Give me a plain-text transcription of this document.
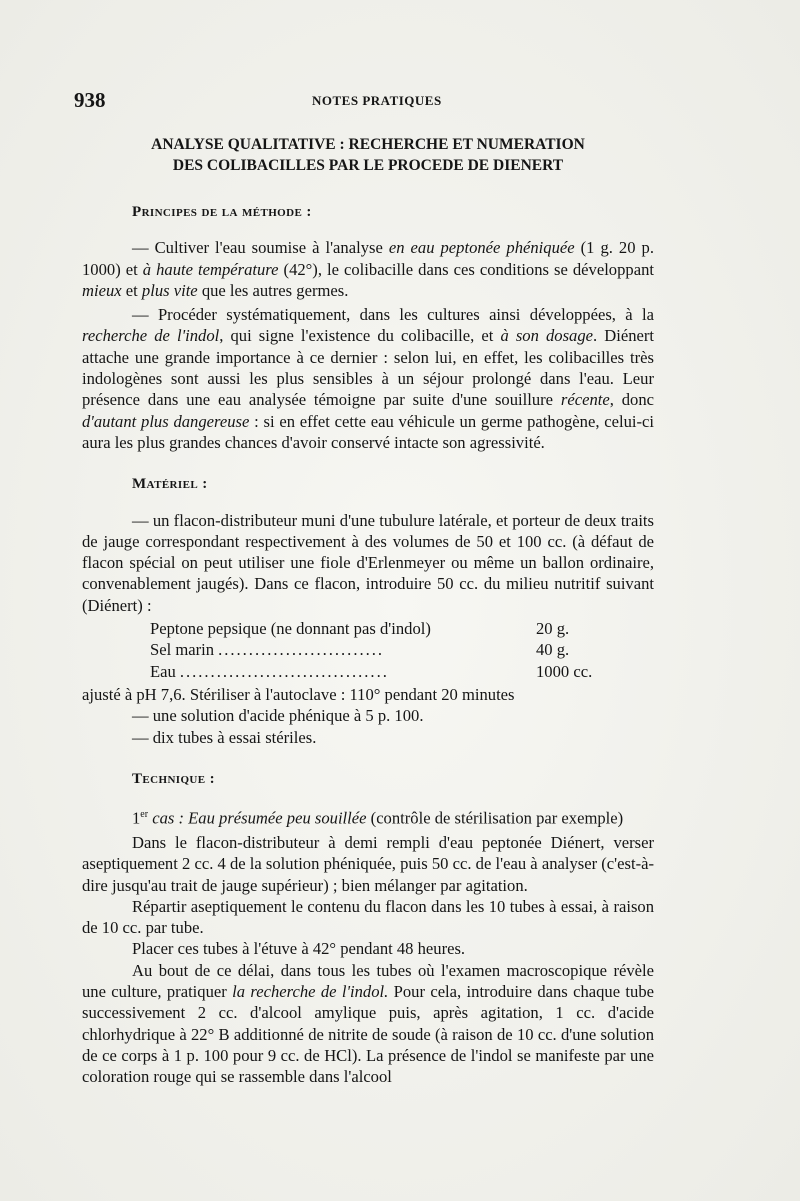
938	NOTES PRATIQUES
ANALYSE QUALITATIVE : RECHERCHE ET NUMERATION
DES COLIBACILLES PAR LE PROCEDE DE DIENERT
Principes de la méthode :

— Cultiver l'eau soumise à l'analyse en eau peptonée phéniquée (1 g. 20 p. 1000) et à haute température (42°), le colibacille dans ces conditions se développant mieux et plus vite que les autres germes.

— Procéder systématiquement, dans les cultures ainsi développées, à la recherche de l'indol, qui signe l'existence du colibacille, et à son dosage. Diénert attache une grande importance à ce dernier : selon lui, en effet, les colibacilles très indologènes sont aussi les plus sensibles à un séjour prolongé dans l'eau. Leur présence dans une eau analysée témoigne par suite d'une souillure récente, donc d'autant plus dangereuse : si en effet cette eau véhicule un germe pathogène, celui-ci aura les plus grandes chances d'avoir conservé intacte son agressivité.

Matériel :

— un flacon-distributeur muni d'une tubulure latérale, et porteur de deux traits de jauge correspondant respectivement à des volumes de 50 et 100 cc. (à défaut de flacon spécial on peut utiliser une fiole d'Erlenmeyer ou même un ballon ordinaire, convenablement jaugés). Dans ce flacon, introduire 50 cc. du milieu nutritif suivant (Diénert) :

Peptone pepsique (ne donnant pas d'indol)	20 g.
Sel marin ...........................	40 g.
Eau ..................................	1000 cc.

ajusté à pH 7,6. Stériliser à l'autoclave : 110° pendant 20 minutes

— une solution d'acide phénique à 5 p. 100.

— dix tubes à essai stériles.

Technique :

1er cas : Eau présumée peu souillée (contrôle de stérilisation par exemple)

Dans le flacon-distributeur à demi rempli d'eau peptonée Diénert, verser aseptiquement 2 cc. 4 de la solution phéniquée, puis 50 cc. de l'eau à analyser (c'est-à-dire jusqu'au trait de jauge supérieur) ; bien mélanger par agitation.

Répartir aseptiquement le contenu du flacon dans les 10 tubes à essai, à raison de 10 cc. par tube.

Placer ces tubes à l'étuve à 42° pendant 48 heures.

Au bout de ce délai, dans tous les tubes où l'examen macroscopique révèle une culture, pratiquer la recherche de l'indol. Pour cela, introduire dans chaque tube successivement 2 cc. d'alcool amylique puis, après agitation, 1 cc. d'acide chlorhydrique à 22° B additionné de nitrite de soude (à raison de 10 cc. d'une solution de ce corps à 1 p. 100 pour 9 cc. de HCl). La présence de l'indol se manifeste par une coloration rouge qui se rassemble dans l'alcool
